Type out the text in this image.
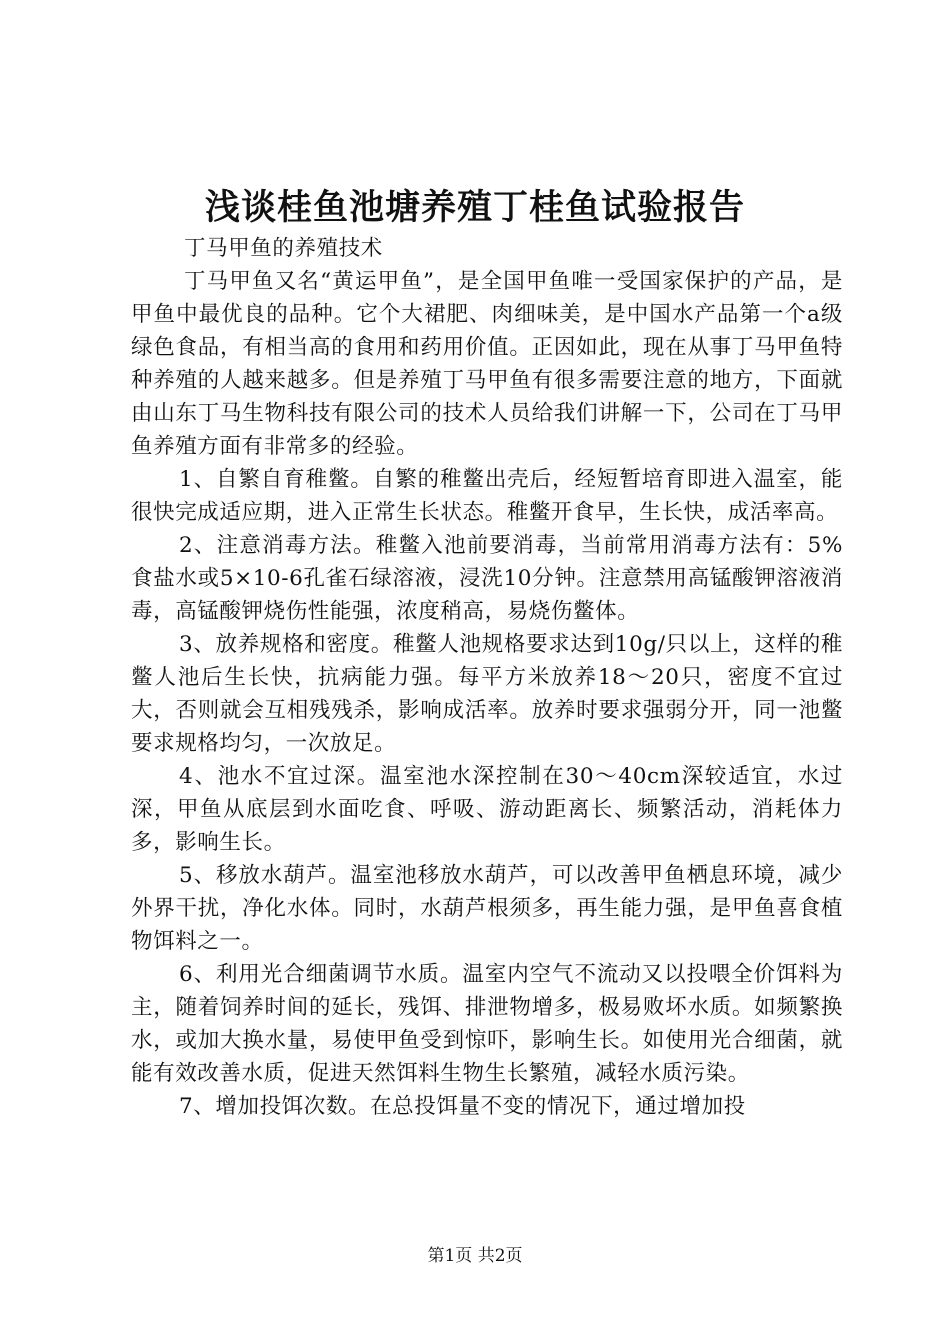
浅谈桂鱼池塘养殖丁桂鱼试验报告

丁马甲鱼的养殖技术

丁马甲鱼又名“黄运甲鱼”，是全国甲鱼唯一受国家保护的产品，是甲鱼中最优良的品种。它个大裙肥、肉细味美，是中国水产品第一个a级绿色食品，有相当高的食用和药用价值。正因如此，现在从事丁马甲鱼特种养殖的人越来越多。但是养殖丁马甲鱼有很多需要注意的地方，下面就由山东丁马生物科技有限公司的技术人员给我们讲解一下，公司在丁马甲鱼养殖方面有非常多的经验。

1、自繁自育稚鳖。自繁的稚鳖出壳后，经短暂培育即进入温室，能很快完成适应期，进入正常生长状态。稚鳖开食早，生长快，成活率高。

2、注意消毒方法。稚鳖入池前要消毒，当前常用消毒方法有：5%食盐水或5×10-6孔雀石绿溶液，浸洗10分钟。注意禁用高锰酸钾溶液消毒，高锰酸钾烧伤性能强，浓度稍高，易烧伤鳖体。

3、放养规格和密度。稚鳖人池规格要求达到10g/只以上，这样的稚鳖人池后生长快，抗病能力强。每平方米放养18～20只，密度不宜过大，否则就会互相残残杀，影响成活率。放养时要求强弱分开，同一池鳖要求规格均匀，一次放足。

4、池水不宜过深。温室池水深控制在30～40cm深较适宜，水过深，甲鱼从底层到水面吃食、呼吸、游动距离长、频繁活动，消耗体力多，影响生长。

5、移放水葫芦。温室池移放水葫芦，可以改善甲鱼栖息环境，减少外界干扰，净化水体。同时，水葫芦根须多，再生能力强，是甲鱼喜食植物饵料之一。

6、利用光合细菌调节水质。温室内空气不流动又以投喂全价饵料为主，随着饲养时间的延长，残饵、排泄物增多，极易败坏水质。如频繁换水，或加大换水量，易使甲鱼受到惊吓，影响生长。如使用光合细菌，就能有效改善水质，促进天然饵料生物生长繁殖，减轻水质污染。

7、增加投饵次数。在总投饵量不变的情况下，通过增加投

第1页 共2页
